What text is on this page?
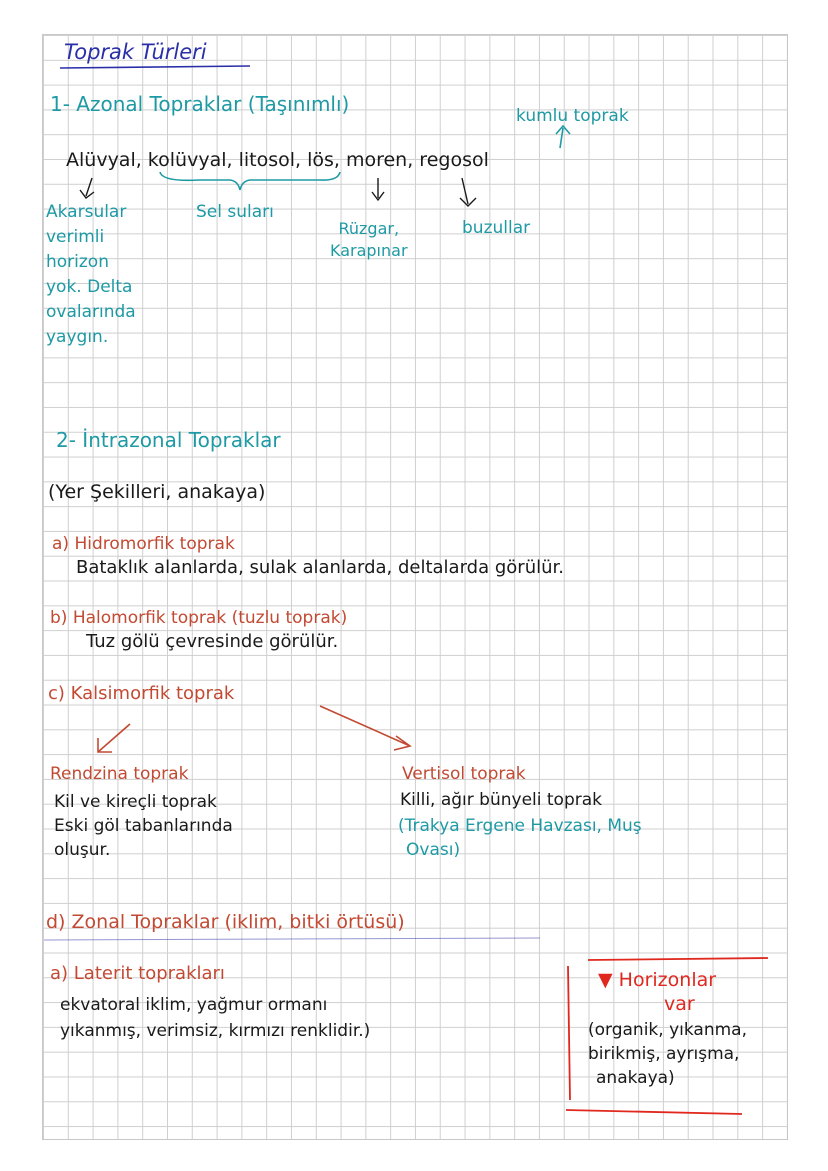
Toprak Türleri
1- Azonal Topraklar (Taşınımlı)	kumlu toprak
Alüvyal, kolüvyal, litosol, lös, moren, regosol
Akarsular
verimli
horizon
yok. Delta
ovalarında
yaygın.
Sel suları
Rüzgar,
Karapınar
buzullar
2- İntrazonal Topraklar
(Yer Şekilleri, anakaya)
a) Hidromorfik toprak
Bataklık alanlarda, sulak alanlarda, deltalarda görülür.
b) Halomorfik toprak (tuzlu toprak)
Tuz gölü çevresinde görülür.
c) Kalsimorfik toprak
Rendzina toprak
Kil ve kireçli toprak
Eski göl tabanlarında
oluşur.
Vertisol toprak
Killi, ağır bünyeli toprak
(Trakya Ergene Havzası, Muş
Ovası)
d) Zonal Topraklar (iklim, bitki örtüsü)
a) Laterit toprakları
ekvatoral iklim, yağmur ormanı
yıkanmış, verimsiz, kırmızı renklidir.)
▼ Horizonlar
var
(organik, yıkanma,
birikmiş, ayrışma,
anakaya)
